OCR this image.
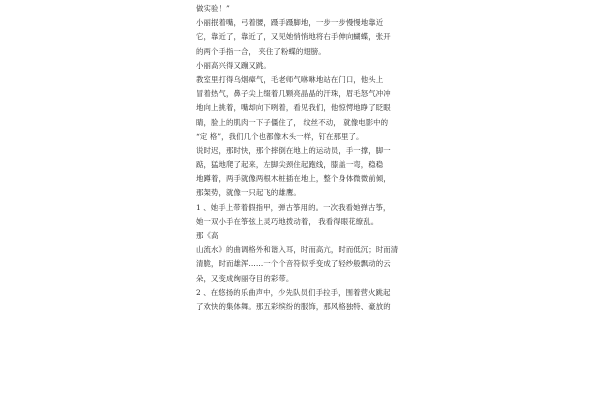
做实验！”
小丽抿着嘴，弓着腰，蹑手蹑脚地，一步一步慢慢地靠近
它，靠近了，靠近了，又见她悄悄地将右手伸向蝴蝶，张开
的两个手指一合， 夹住了粉蝶的翅膀。
小丽高兴得又蹦又跳。
教室里打得乌烟瘴气，毛老师气咻咻地站在门口，他头上
冒着热气，鼻子尖上缀着几颗亮晶晶的汗珠，眉毛怒气冲冲
地向上挑着，嘴却向下咧着，看见我们，他惊愕地睁了眨眼
睛，脸上的肌肉一下子僵住了， 纹丝不动， 就像电影中的
“定 格”，我们几个也都像木头一样，钉在那里了。
说时迟，那时快，那个摔倒在地上的运动员，手一撑，脚一
踮，猛地爬了起来，左脚尖颈住起跑线，膝盖一弯，稳稳
地蹲着，两手就像两根木桩插在地上，整个身体微微前倾，
那架势，就像一只起飞的雄鹰。
1 、她手上带着假指甲，弹古筝用的。一次我看她弹古筝，
她一双小手在筝弦上灵巧地拨动着， 我看得眼花缭乱。
那《高
山流水》的曲调格外和谐入耳，时而高亢，时而低沉；时而清
清脆，时而雄浑……一个个音符似乎变成了轻纱般飘动的云
朵，又变成绚丽夺目的彩带。
2 、在悠扬的乐曲声中，少先队员们手拉手，围着营火跳起
了欢快的集体舞。那五彩缤纷的服饰，那风格独特、豪放的
